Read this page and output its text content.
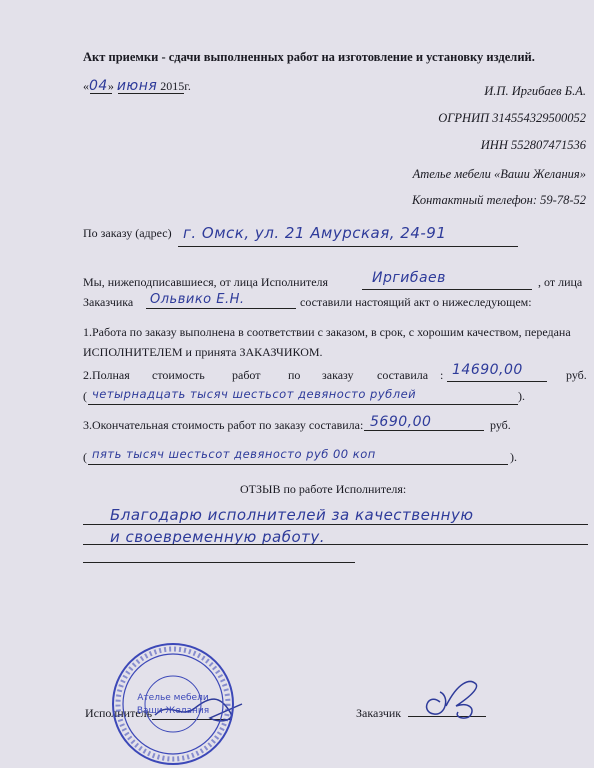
Акт приемки - сдачи выполненных работ на изготовление и установку изделий.
«04» июня 2015г.	И.П. Иргибаев Б.А.
ОГРНИП 314554329500052
ИНН 552807471536
Ателье мебели «Ваши Желания»
Контактный телефон: 59-78-52
По заказу (адрес) г. Омск, ул. 21 Амурская, 24-91
Мы, нижеподписавшиеся, от лица Исполнителя	Иргибаев	, от лица
Заказчика Ольвико Е.Н.	составили настоящий акт о нижеследующем:
1.Работа по заказу выполнена в соответствии с заказом, в срок, с хорошим качеством, передана
ИСПОЛНИТЕЛЕМ и принята ЗАКАЗЧИКОМ.
2.Полная стоимость работ по заказу составила : 14690,00	руб.
( четырнадцать тысяч шестьсот девяносто рублей	).
3.Окончательная стоимость работ по заказу составила: 5690,00	руб.
( пять тысяч шестьсот девяносто руб 00 коп	).
ОТЗЫВ по работе Исполнителя:
Благодарю исполнителей за качественную
и своевременную работу.
Исполнитель
Ателье мебели
Ваши Желания	Заказчик
